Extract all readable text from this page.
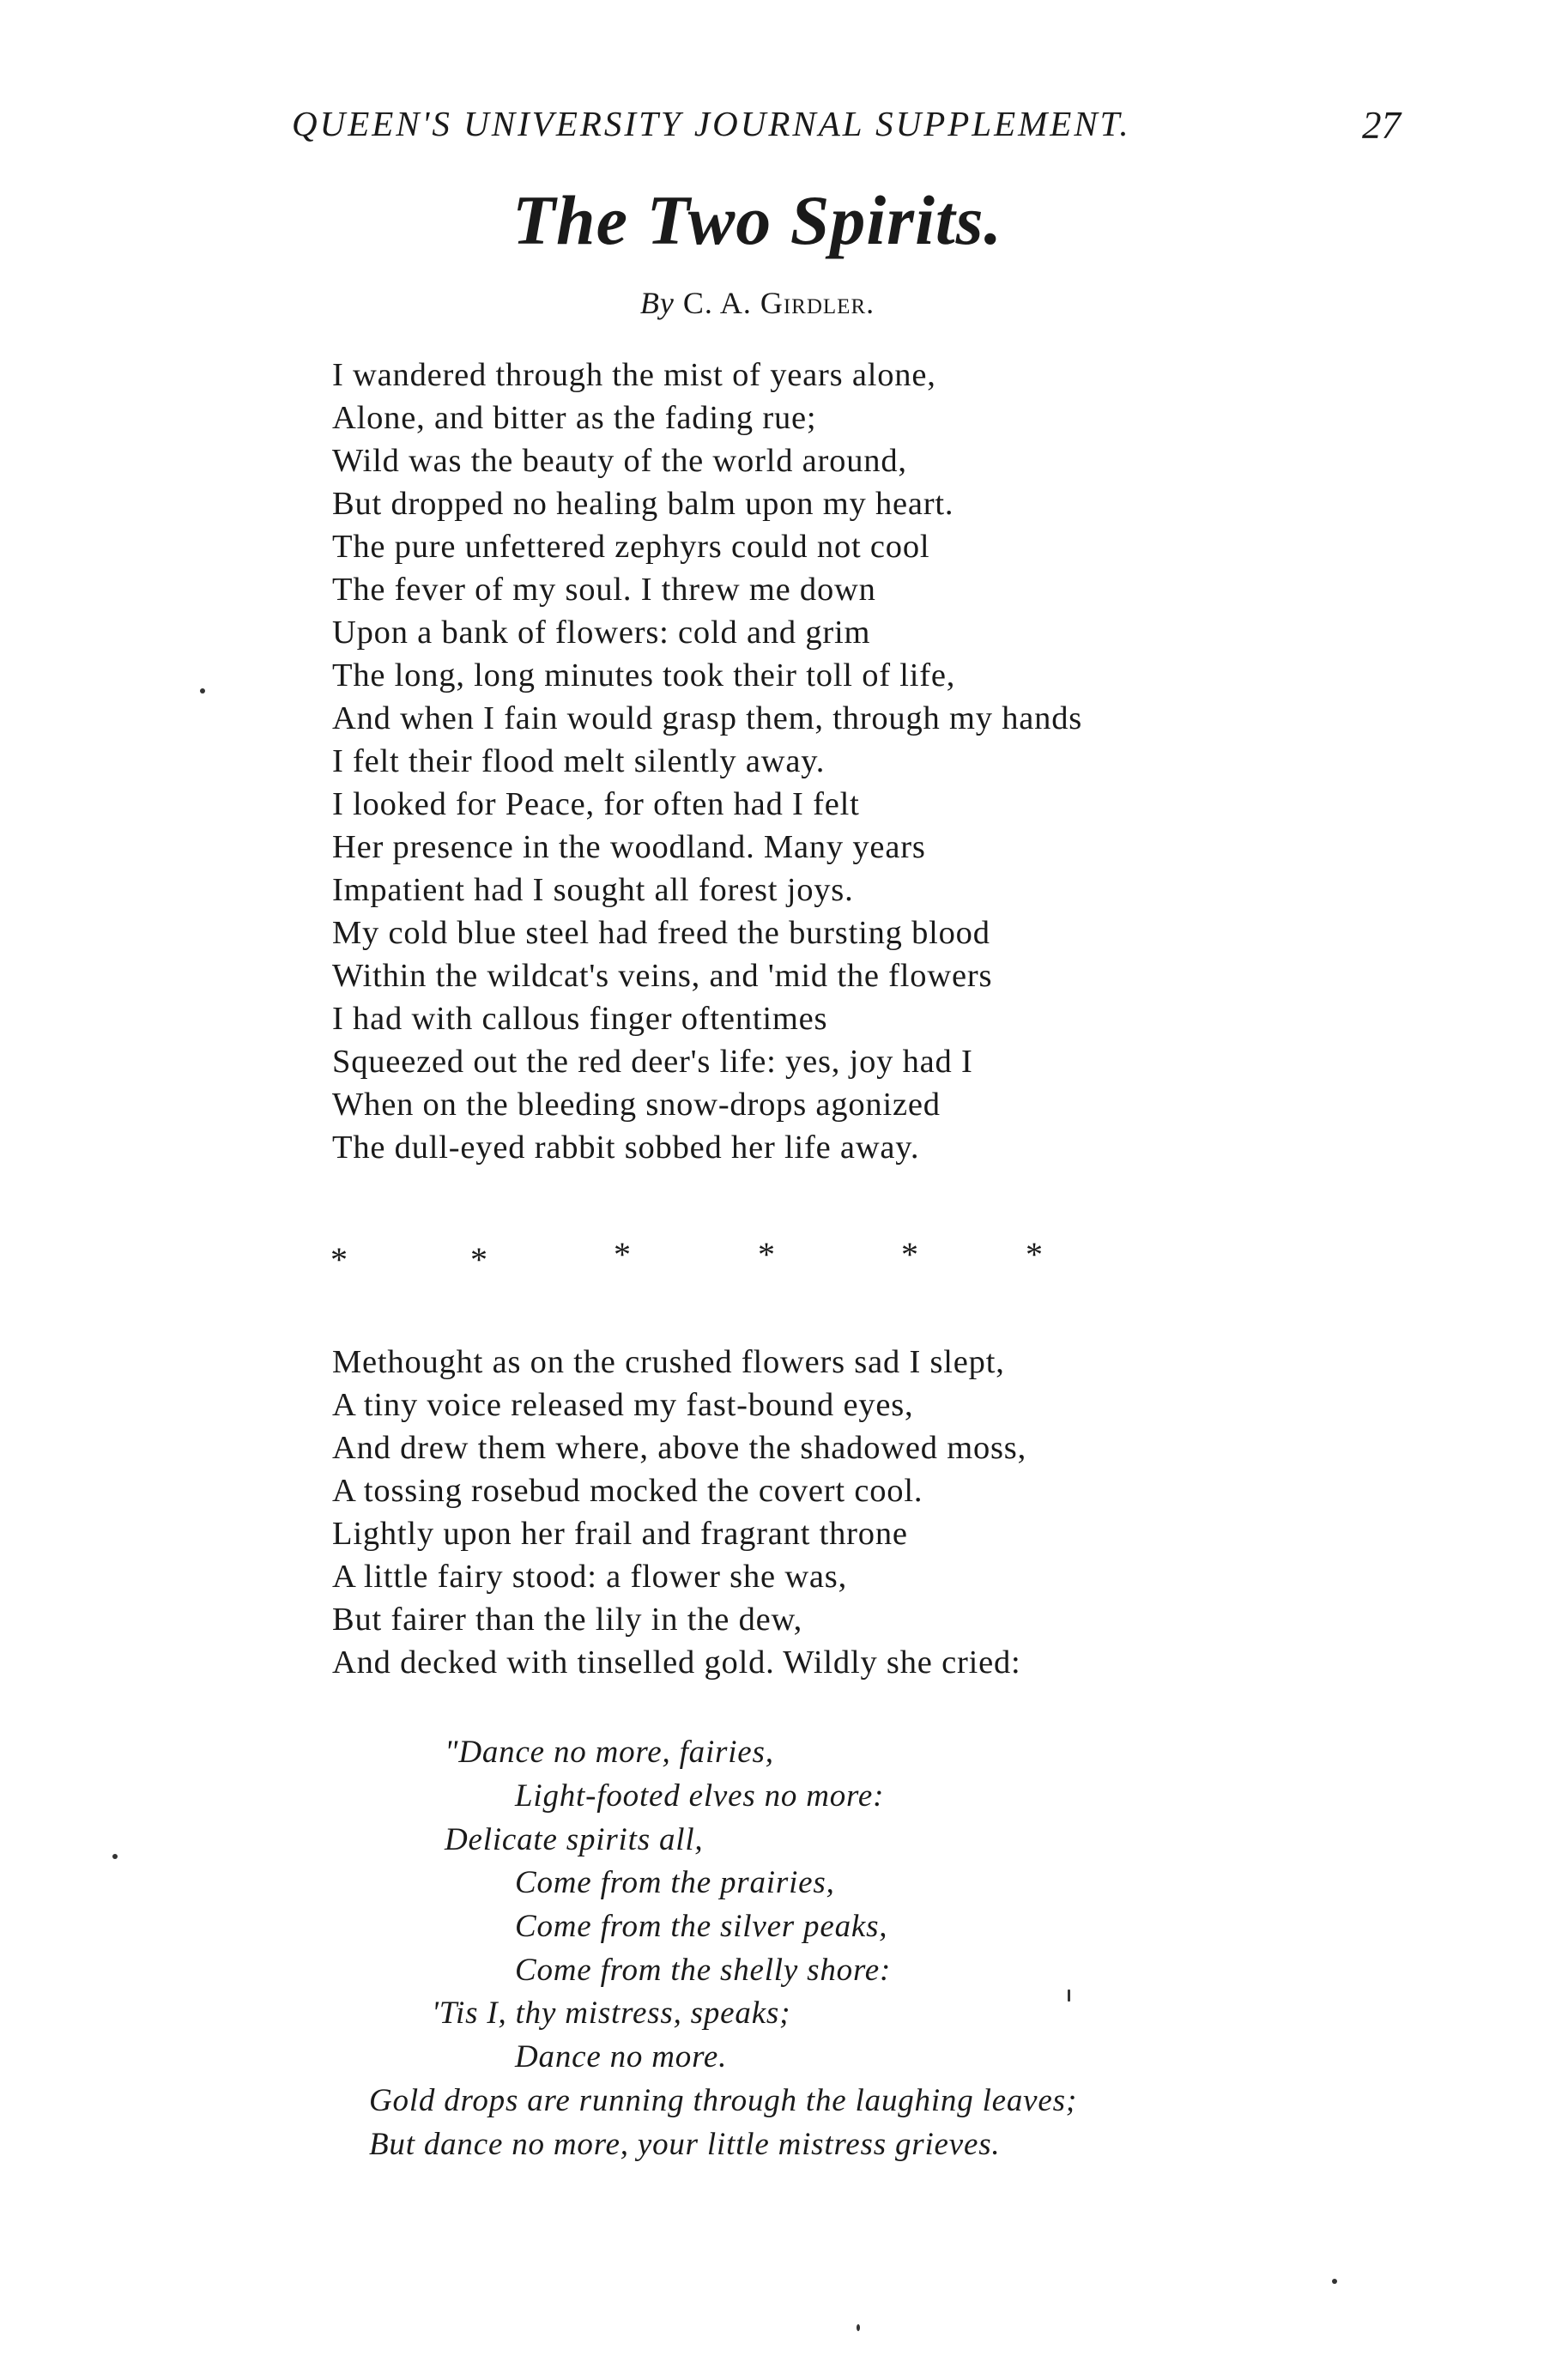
QUEEN'S UNIVERSITY JOURNAL SUPPLEMENT.	27
The Two Spirits.
By C. A. Girdler.
I wandered through the mist of years alone,
Alone, and bitter as the fading rue;
Wild was the beauty of the world around,
But dropped no healing balm upon my heart.
The pure unfettered zephyrs could not cool
The fever of my soul. I threw me down
Upon a bank of flowers: cold and grim
The long, long minutes took their toll of life,
And when I fain would grasp them, through my hands
I felt their flood melt silently away.
I looked for Peace, for often had I felt
Her presence in the woodland. Many years
Impatient had I sought all forest joys.
My cold blue steel had freed the bursting blood
Within the wildcat's veins, and 'mid the flowers
I had with callous finger oftentimes
Squeezed out the red deer's life: yes, joy had I
When on the bleeding snow-drops agonized
The dull-eyed rabbit sobbed her life away.
*	*	*	*	*	*
Methought as on the crushed flowers sad I slept,
A tiny voice released my fast-bound eyes,
And drew them where, above the shadowed moss,
A tossing rosebud mocked the covert cool.
Lightly upon her frail and fragrant throne
A little fairy stood: a flower she was,
But fairer than the lily in the dew,
And decked with tinselled gold. Wildly she cried:
"Dance no more, fairies,
Light-footed elves no more:
Delicate spirits all,
Come from the prairies,
Come from the silver peaks,
Come from the shelly shore:
'Tis I, thy mistress, speaks;
Dance no more.
Gold drops are running through the laughing leaves;
But dance no more, your little mistress grieves.
